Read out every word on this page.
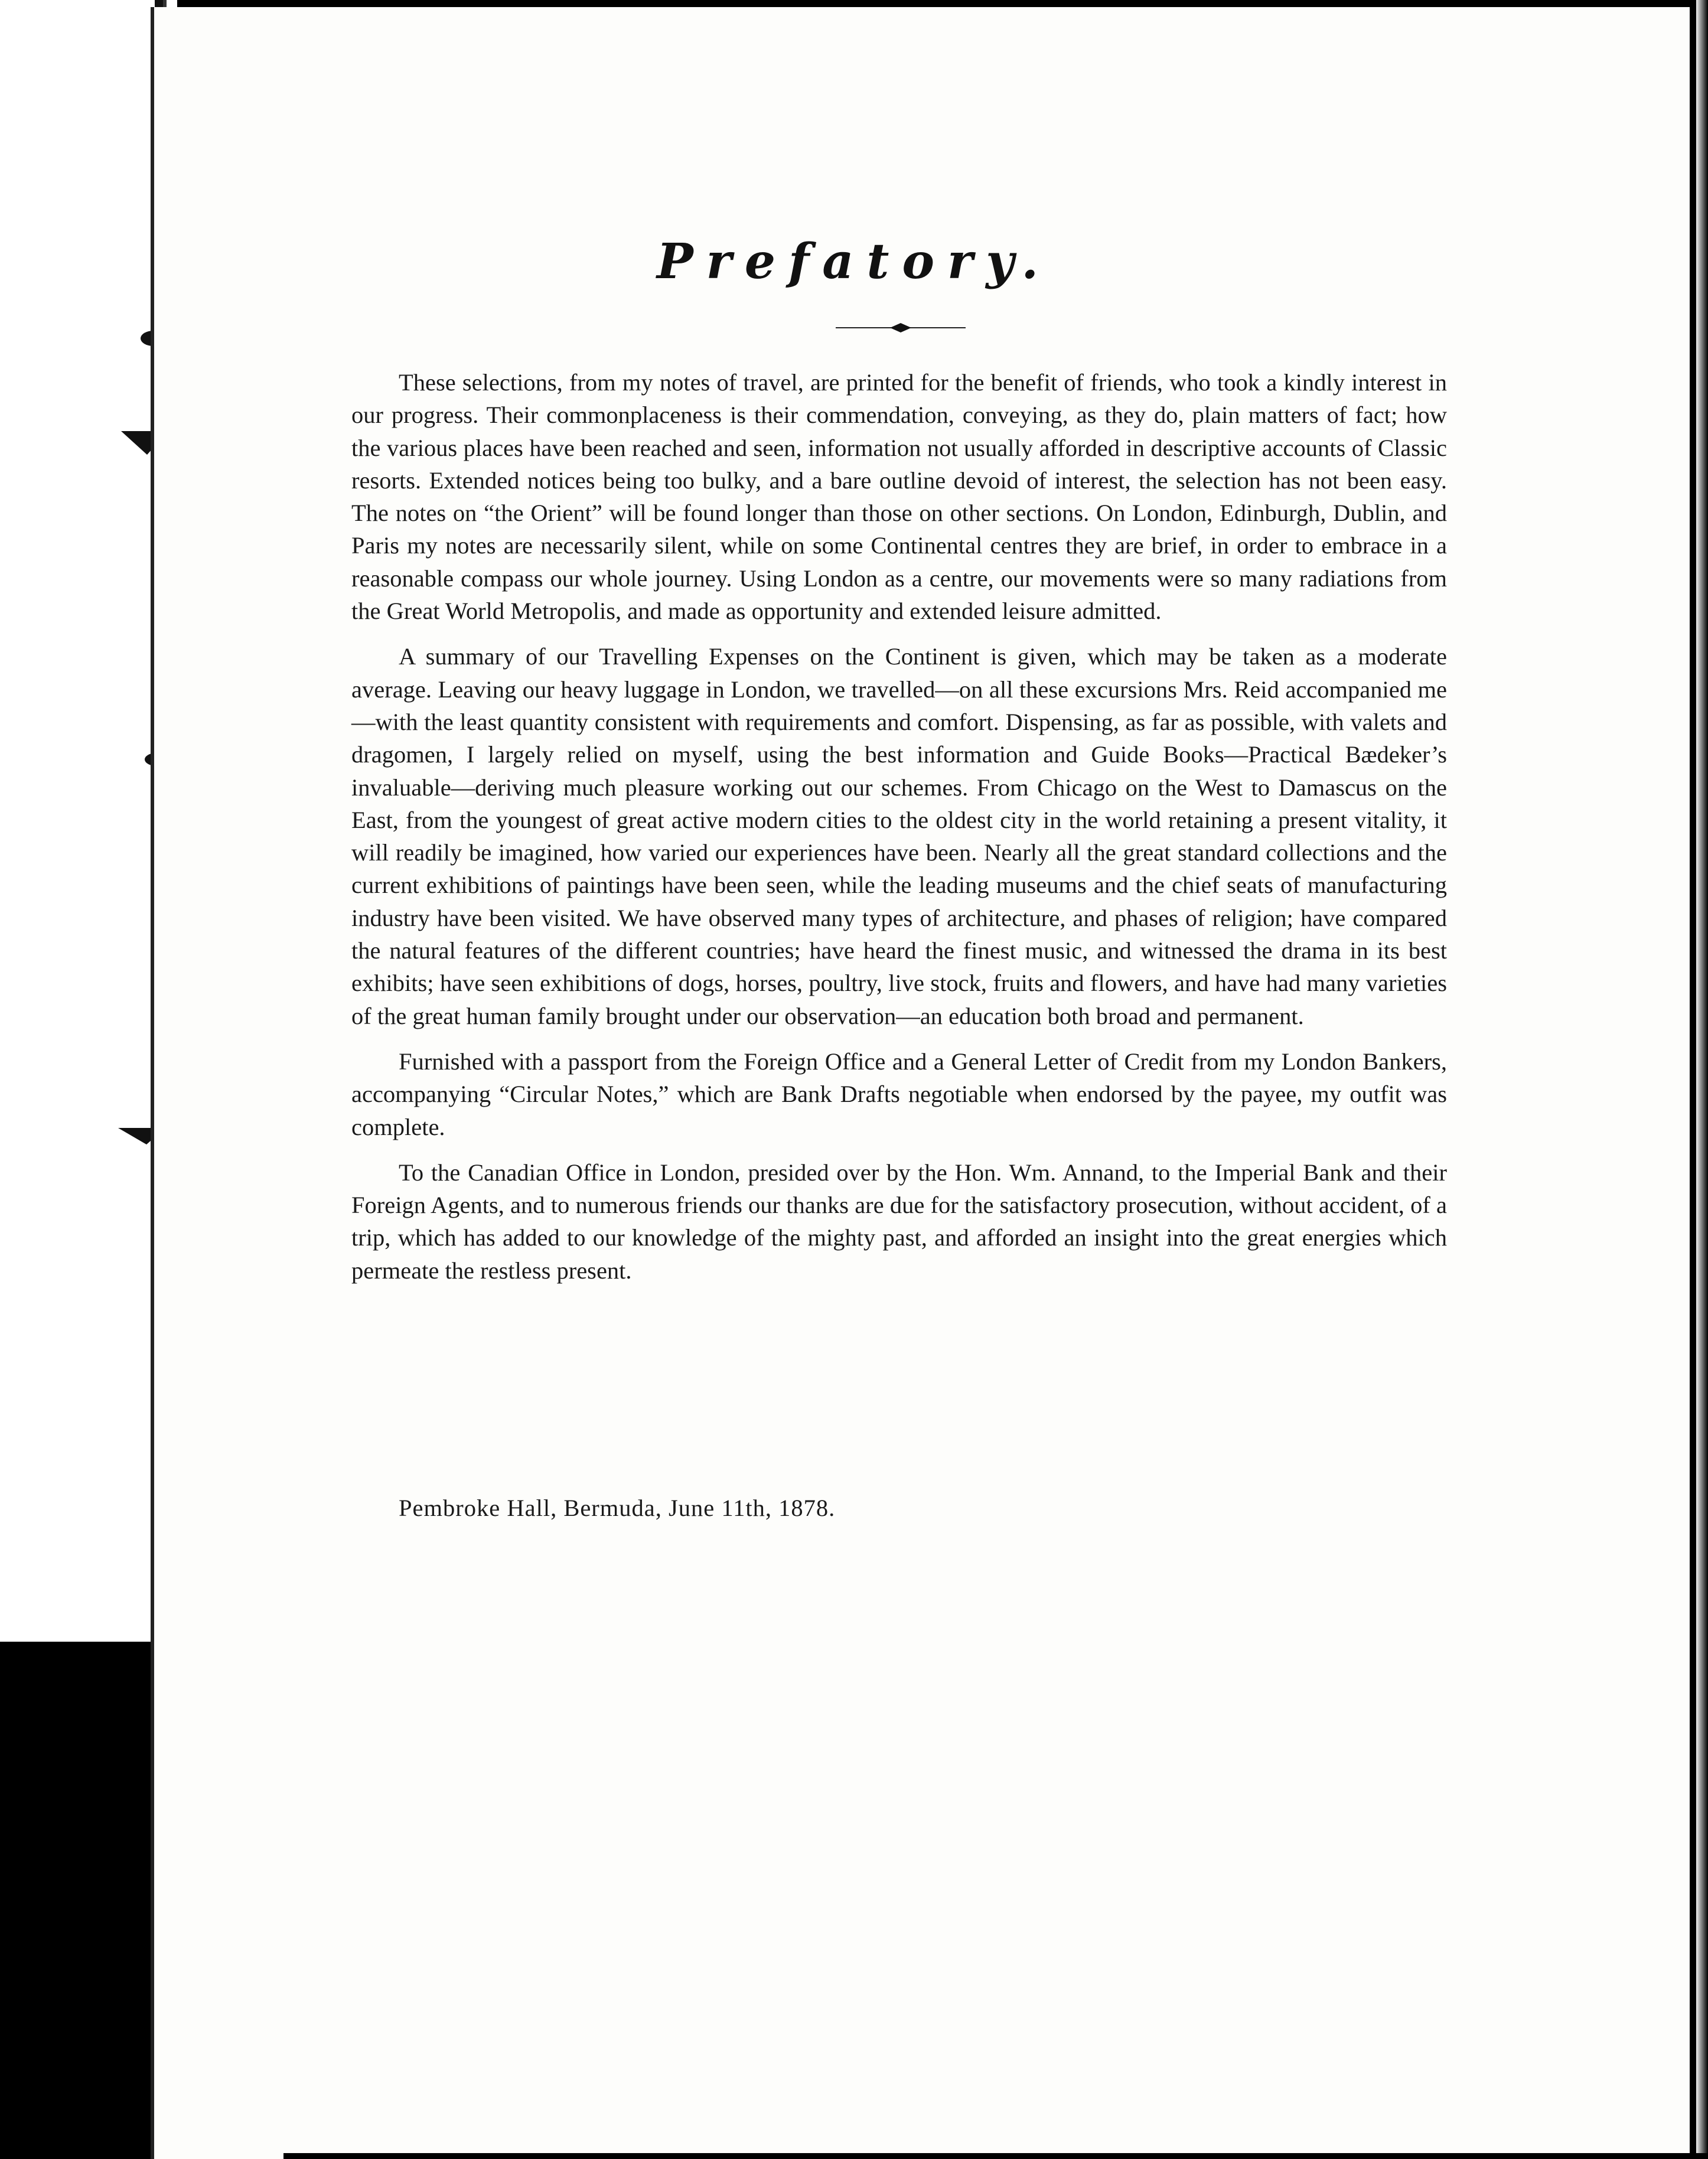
Prefatory.

These selections, from my notes of travel, are printed for the benefit of friends, who took a kindly interest in our progress. Their commonplaceness is their commendation, conveying, as they do, plain matters of fact; how the various places have been reached and seen, information not usually afforded in descriptive accounts of Classic resorts. Extended notices being too bulky, and a bare outline devoid of interest, the selection has not been easy. The notes on “the Orient” will be found longer than those on other sections. On London, Edinburgh, Dublin, and Paris my notes are necessarily silent, while on some Continental centres they are brief, in order to embrace in a reasonable compass our whole journey. Using London as a centre, our movements were so many radiations from the Great World Metropolis, and made as opportunity and extended leisure admitted.

A summary of our Travelling Expenses on the Continent is given, which may be taken as a moderate average. Leaving our heavy luggage in London, we travelled—on all these excursions Mrs. Reid accompanied me—with the least quantity consistent with requirements and comfort. Dispensing, as far as possible, with valets and dragomen, I largely relied on myself, using the best information and Guide Books—Practical Bædeker’s invaluable—deriving much pleasure working out our schemes. From Chicago on the West to Damascus on the East, from the youngest of great active modern cities to the oldest city in the world retaining a present vitality, it will readily be imagined, how varied our experiences have been. Nearly all the great standard collections and the current exhibitions of paintings have been seen, while the leading museums and the chief seats of manufacturing industry have been visited. We have observed many types of architecture, and phases of religion; have compared the natural features of the different countries; have heard the finest music, and witnessed the drama in its best exhibits; have seen exhibitions of dogs, horses, poultry, live stock, fruits and flowers, and have had many varieties of the great human family brought under our observation—an education both broad and permanent.

Furnished with a passport from the Foreign Office and a General Letter of Credit from my London Bankers, accompanying “Circular Notes,” which are Bank Drafts negotiable when endorsed by the payee, my outfit was complete.

To the Canadian Office in London, presided over by the Hon. Wm. Annand, to the Imperial Bank and their Foreign Agents, and to numerous friends our thanks are due for the satisfactory prosecution, without accident, of a trip, which has added to our knowledge of the mighty past, and afforded an insight into the great energies which permeate the restless present.

Pembroke Hall, Bermuda, June 11th, 1878.
